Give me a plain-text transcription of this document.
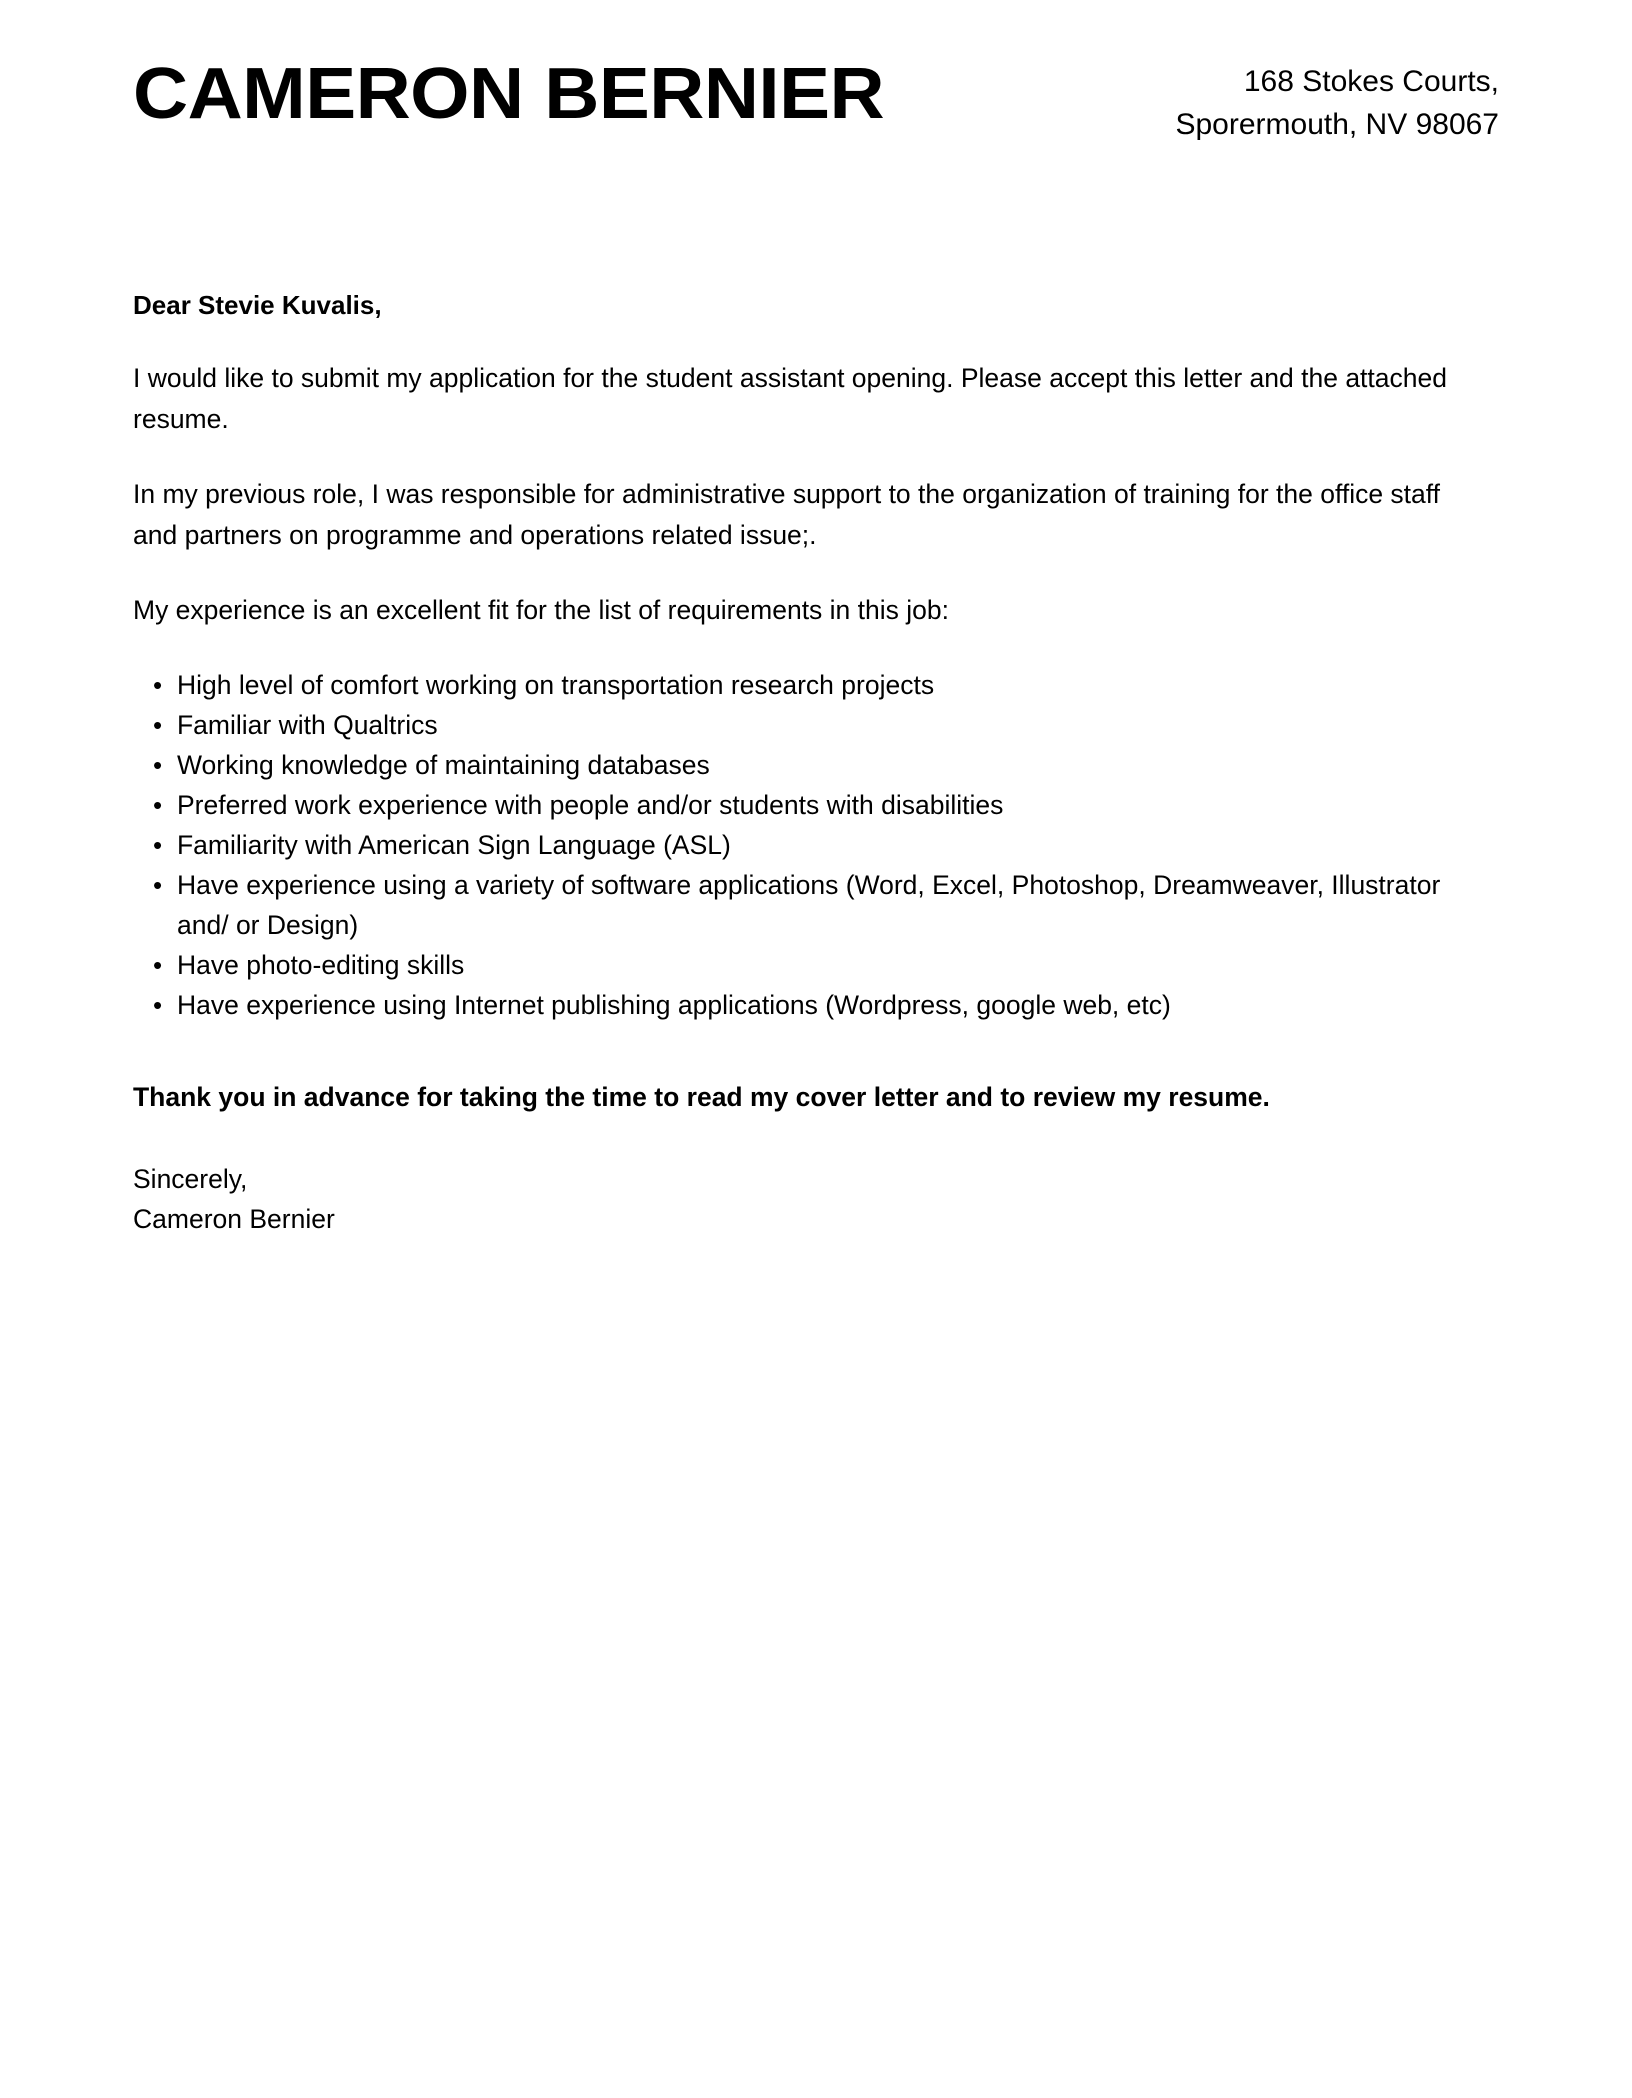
CAMERON BERNIER	168 Stokes Courts,
Sporermouth, NV 98067
Dear Stevie Kuvalis,

I would like to submit my application for the student assistant opening. Please accept this letter and the attached resume.

In my previous role, I was responsible for administrative support to the organization of training for the office staff and partners on programme and operations related issue;.

My experience is an excellent fit for the list of requirements in this job:

• High level of comfort working on transportation research projects
• Familiar with Qualtrics
• Working knowledge of maintaining databases
• Preferred work experience with people and/or students with disabilities
• Familiarity with American Sign Language (ASL)
• Have experience using a variety of software applications (Word, Excel, Photoshop, Dreamweaver, Illustrator and/ or Design)
• Have photo-editing skills
• Have experience using Internet publishing applications (Wordpress, google web, etc)

Thank you in advance for taking the time to read my cover letter and to review my resume.

Sincerely,
Cameron Bernier
